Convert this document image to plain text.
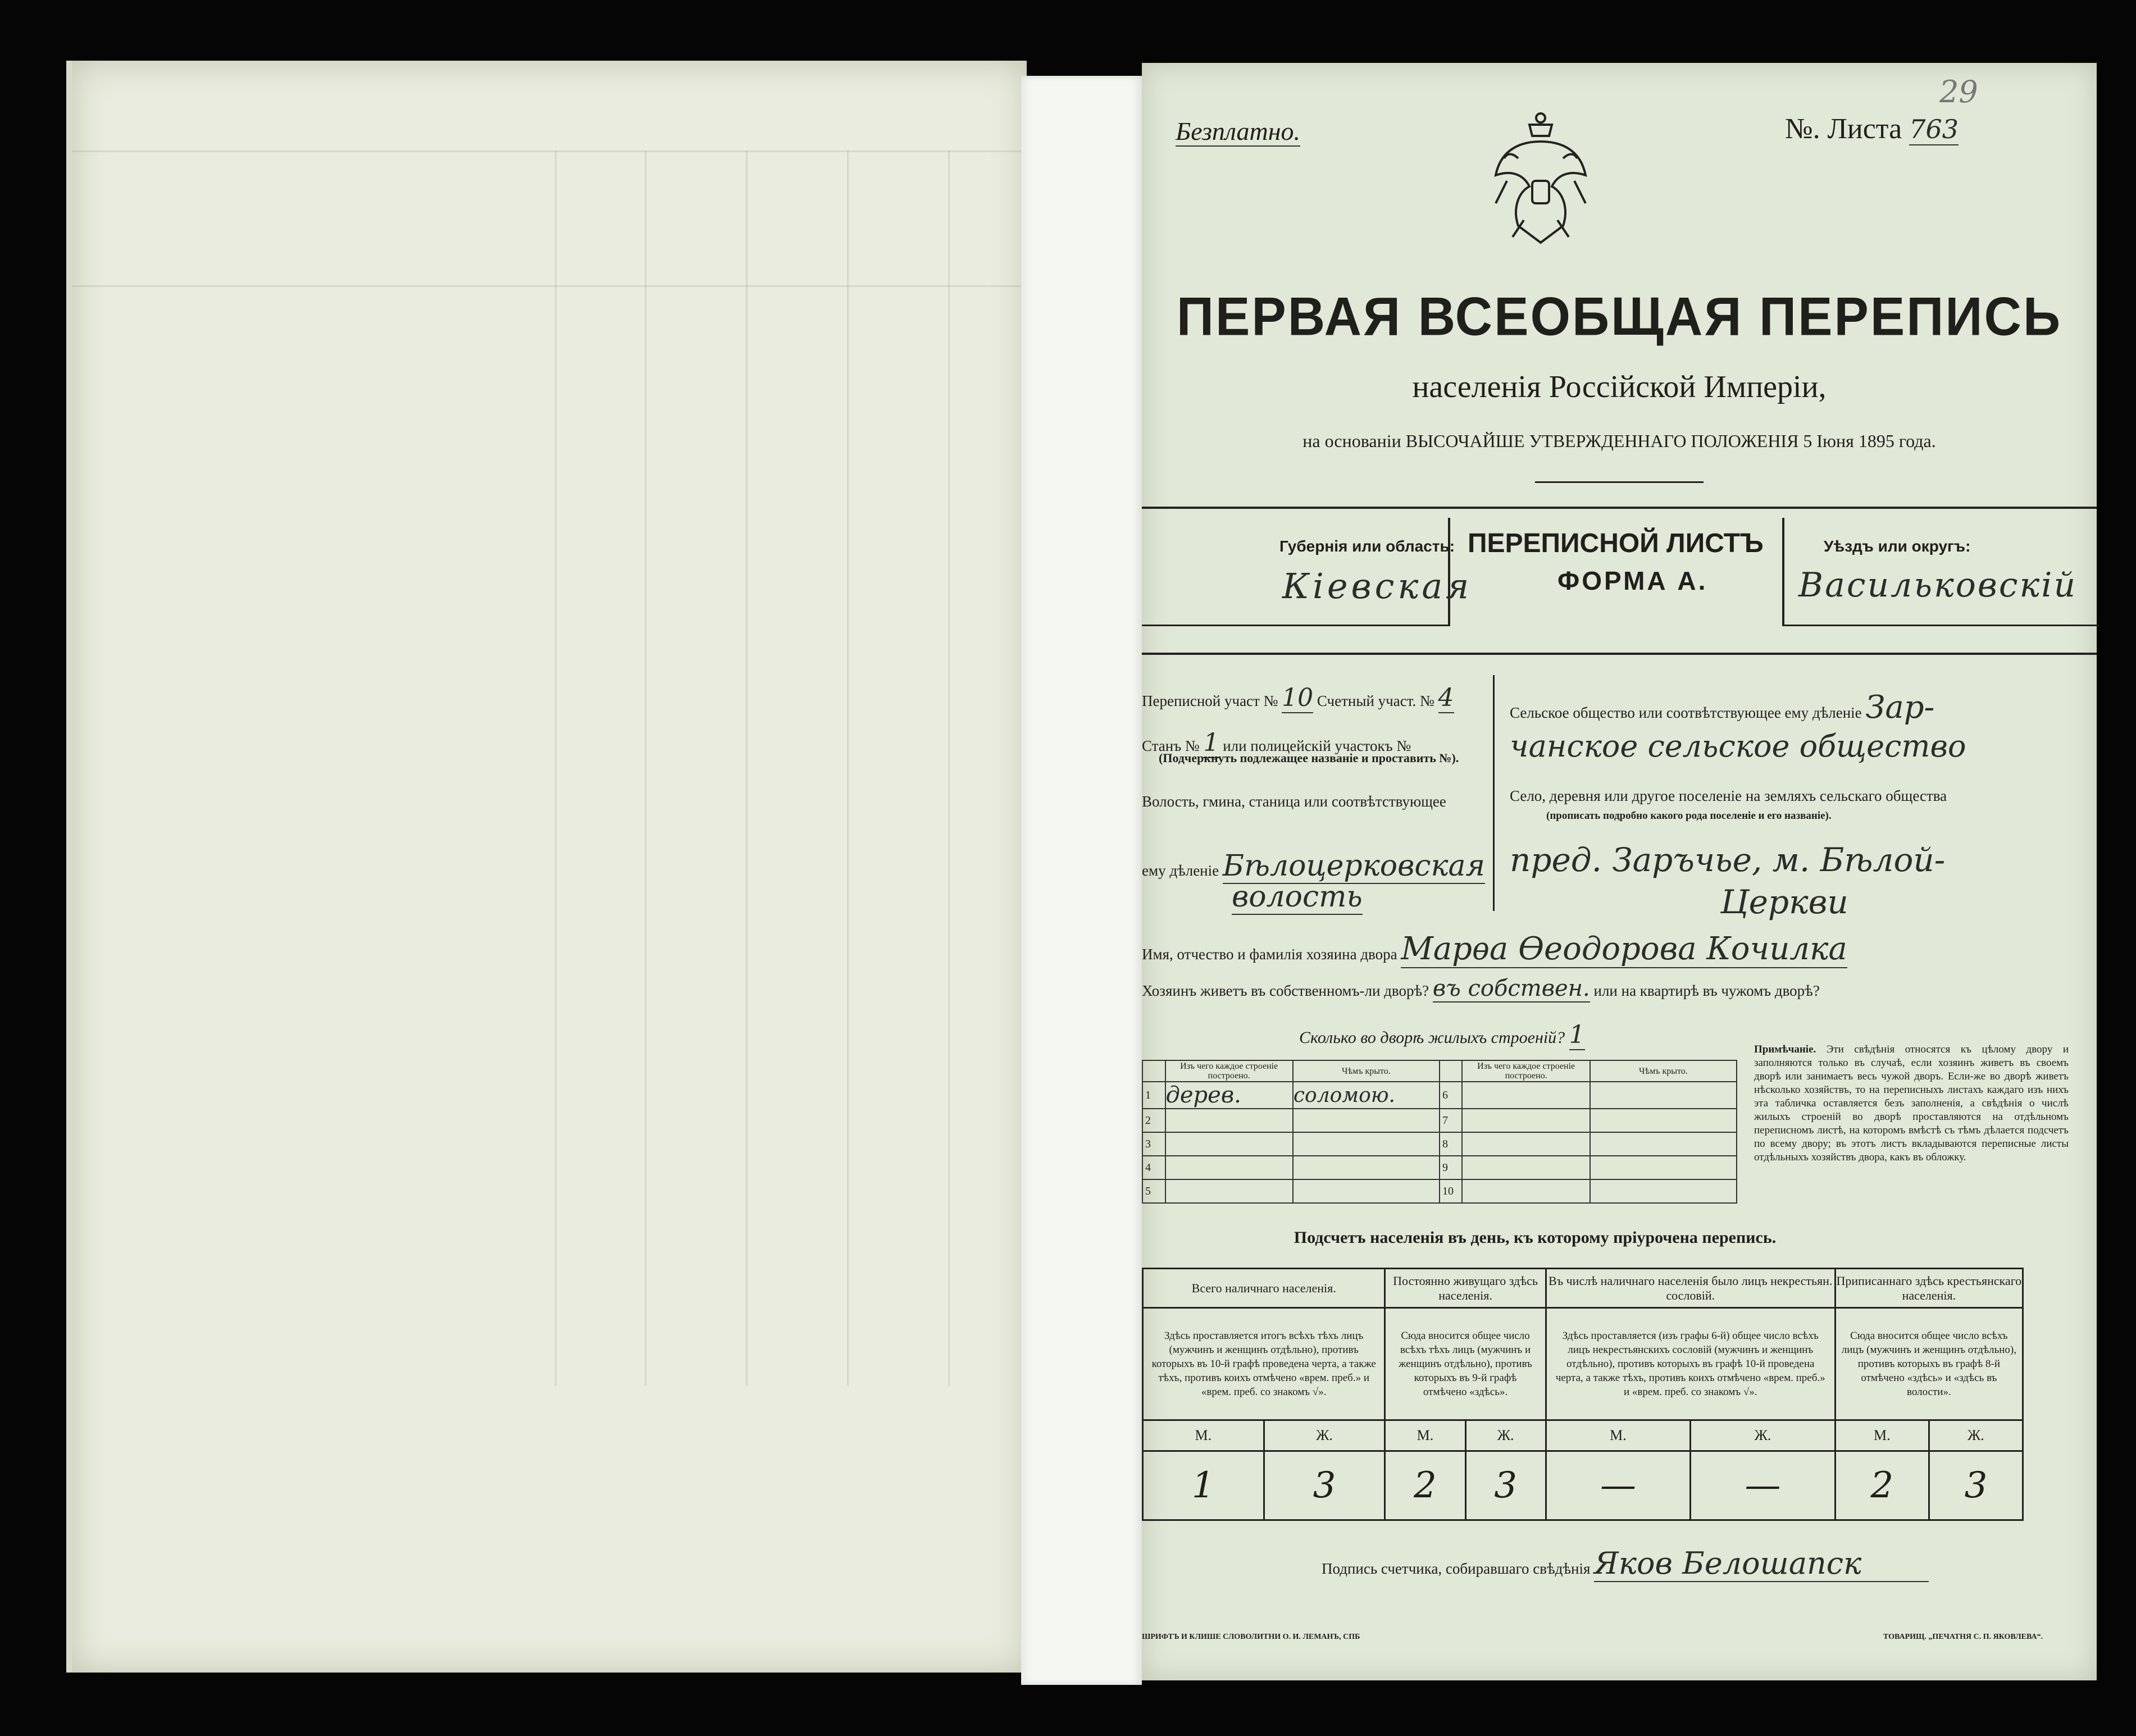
Безплатно.	№. Листа 763
29
ПЕРВАЯ ВСЕОБЩАЯ ПЕРЕПИСЬ
населенія Россійской Имперіи,
на основаніи ВЫСОЧАЙШЕ УТВЕРЖДЕННАГО ПОЛОЖЕНІЯ 5 Іюня 1895 года.
Губернія или область:
Кіевская
ПЕРЕПИСНОЙ ЛИСТЪ
ФОРМА А.
Уѣздъ или округъ:
Васильковскій
Переписной участ № 10 Счетный участ. № 4
Станъ № 1 или полицейскій участокъ №
(Подчеркнуть подлежащее названіе и проставить №).
Волость, гмина, станица или соотвѣтствующее
ему дѣленіе Бѣлоцерковская
волость
Сельское общество или соотвѣтствующее ему дѣленіе Зар-
чанское сельское общество
Село, деревня или другое поселеніе на земляхъ сельскаго общества
(прописать подробно какого рода поселеніе и его названіе).
пред. Заръчье, м. Бѣлой-
Церкви
Имя, отчество и фамилія хозяина двора Марѳа Ѳеодорова Кочилка
Хозяинъ живетъ въ собственномъ-ли дворѣ? въ собствен. или на квартирѣ въ чужомъ дворѣ?
Сколько во дворѣ жилыхъ строеній? 1
	Изъ чего каждое строеніе построено.	Чѣмъ крыто.		Изъ чего каждое строеніе построено.	Чѣмъ крыто.
1	дерев.	соломою.	6		
2			7		
3			8		
4			9		
5			10		
Примѣчаніе. Эти свѣдѣнія относятся къ цѣлому двору и заполняются только въ случаѣ, если хозяинъ живетъ въ своемъ дворѣ или занимаетъ весь чужой дворъ. Если-же во дворѣ живетъ нѣсколько хозяйствъ, то на переписныхъ листахъ каждаго изъ нихъ эта табличка оставляется безъ заполненія, а свѣдѣнія о числѣ жилыхъ строеній во дворѣ проставляются на отдѣльномъ переписномъ листѣ, на которомъ вмѣстѣ съ тѣмъ дѣлается подсчетъ по всему двору; въ этотъ листъ вкладываются переписные листы отдѣльныхъ хозяйствъ двора, какъ въ обложку.
Подсчетъ населенія въ день, къ которому пріурочена перепись.
Всего наличнаго населенія.		Постоянно живущаго здѣсь населенія.		Въ числѣ наличнаго населенія было лицъ некрестьян. сословій.		Приписаннаго здѣсь крестьянскаго населенія.	
Здѣсь проставляется итогъ всѣхъ тѣхъ лицъ (мужчинъ и женщинъ отдѣльно), противъ которыхъ въ 10-й графѣ проведена черта, а также тѣхъ, противъ коихъ отмѣчено «врем. преб.» и «врем. преб. со знакомъ √».		Сюда вносится общее число всѣхъ тѣхъ лицъ (мужчинъ и женщинъ отдѣльно), противъ которыхъ въ 9-й графѣ отмѣчено «здѣсь».		Здѣсь проставляется (изъ графы 6-й) общее число всѣхъ лицъ некрестьянскихъ сословій (мужчинъ и женщинъ отдѣльно), противъ которыхъ въ графѣ 10-й проведена черта, а также тѣхъ, противъ коихъ отмѣчено «врем. преб.» и «врем. преб. со знакомъ √».		Сюда вносится общее число всѣхъ лицъ (мужчинъ и женщинъ отдѣльно), противъ которыхъ въ графѣ 8-й отмѣчено «здѣсь» и «здѣсь въ волости».	
М.	Ж.	М.	Ж.	М.	Ж.	М.	Ж.
1	3	2	3	—	—	2	3
Подпись счетчика, собиравшаго свѣдѣнія Яков Белошапск
ШРИФТЪ И КЛИШЕ СЛОВОЛИТНИ О. И. ЛЕМАНЪ, СПБ	ТОВАРИЩ. „ПЕЧАТНЯ С. П. ЯКОВЛЕВА“.
